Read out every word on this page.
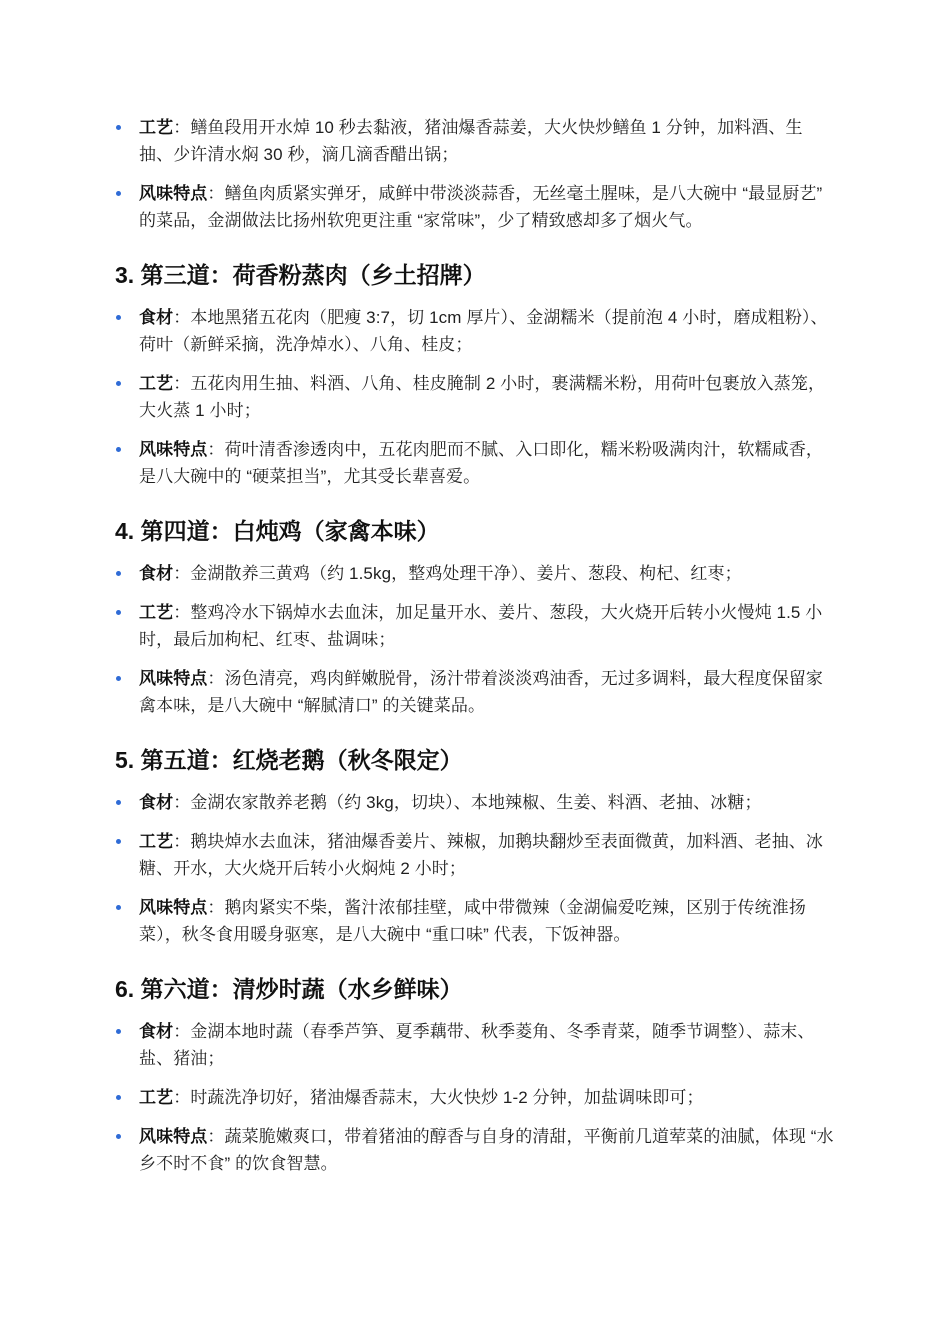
工艺：鳝鱼段用开水焯 10 秒去黏液，猪油爆香蒜姜，大火快炒鳝鱼 1 分钟，加料酒、生抽、少许清水焖 30 秒，滴几滴香醋出锅；
风味特点：鳝鱼肉质紧实弹牙，咸鲜中带淡淡蒜香，无丝毫土腥味，是八大碗中 “最显厨艺” 的菜品，金湖做法比扬州软兜更注重 “家常味”，少了精致感却多了烟火气。
3. 第三道：荷香粉蒸肉（乡土招牌）
食材：本地黑猪五花肉（肥瘦 3:7，切 1cm 厚片）、金湖糯米（提前泡 4 小时，磨成粗粉）、荷叶（新鲜采摘，洗净焯水）、八角、桂皮；
工艺：五花肉用生抽、料酒、八角、桂皮腌制 2 小时，裹满糯米粉，用荷叶包裹放入蒸笼，大火蒸 1 小时；
风味特点：荷叶清香渗透肉中，五花肉肥而不腻、入口即化，糯米粉吸满肉汁，软糯咸香，是八大碗中的 “硬菜担当”，尤其受长辈喜爱。
4. 第四道：白炖鸡（家禽本味）
食材：金湖散养三黄鸡（约 1.5kg，整鸡处理干净）、姜片、葱段、枸杞、红枣；
工艺：整鸡冷水下锅焯水去血沫，加足量开水、姜片、葱段，大火烧开后转小火慢炖 1.5 小时，最后加枸杞、红枣、盐调味；
风味特点：汤色清亮，鸡肉鲜嫩脱骨，汤汁带着淡淡鸡油香，无过多调料，最大程度保留家禽本味，是八大碗中 “解腻清口” 的关键菜品。
5. 第五道：红烧老鹅（秋冬限定）
食材：金湖农家散养老鹅（约 3kg，切块）、本地辣椒、生姜、料酒、老抽、冰糖；
工艺：鹅块焯水去血沫，猪油爆香姜片、辣椒，加鹅块翻炒至表面微黄，加料酒、老抽、冰糖、开水，大火烧开后转小火焖炖 2 小时；
风味特点：鹅肉紧实不柴，酱汁浓郁挂壁，咸中带微辣（金湖偏爱吃辣，区别于传统淮扬菜），秋冬食用暖身驱寒，是八大碗中 “重口味” 代表，下饭神器。
6. 第六道：清炒时蔬（水乡鲜味）
食材：金湖本地时蔬（春季芦笋、夏季藕带、秋季菱角、冬季青菜，随季节调整）、蒜末、盐、猪油；
工艺：时蔬洗净切好，猪油爆香蒜末，大火快炒 1-2 分钟，加盐调味即可；
风味特点：蔬菜脆嫩爽口，带着猪油的醇香与自身的清甜，平衡前几道荤菜的油腻，体现 “水乡不时不食” 的饮食智慧。
